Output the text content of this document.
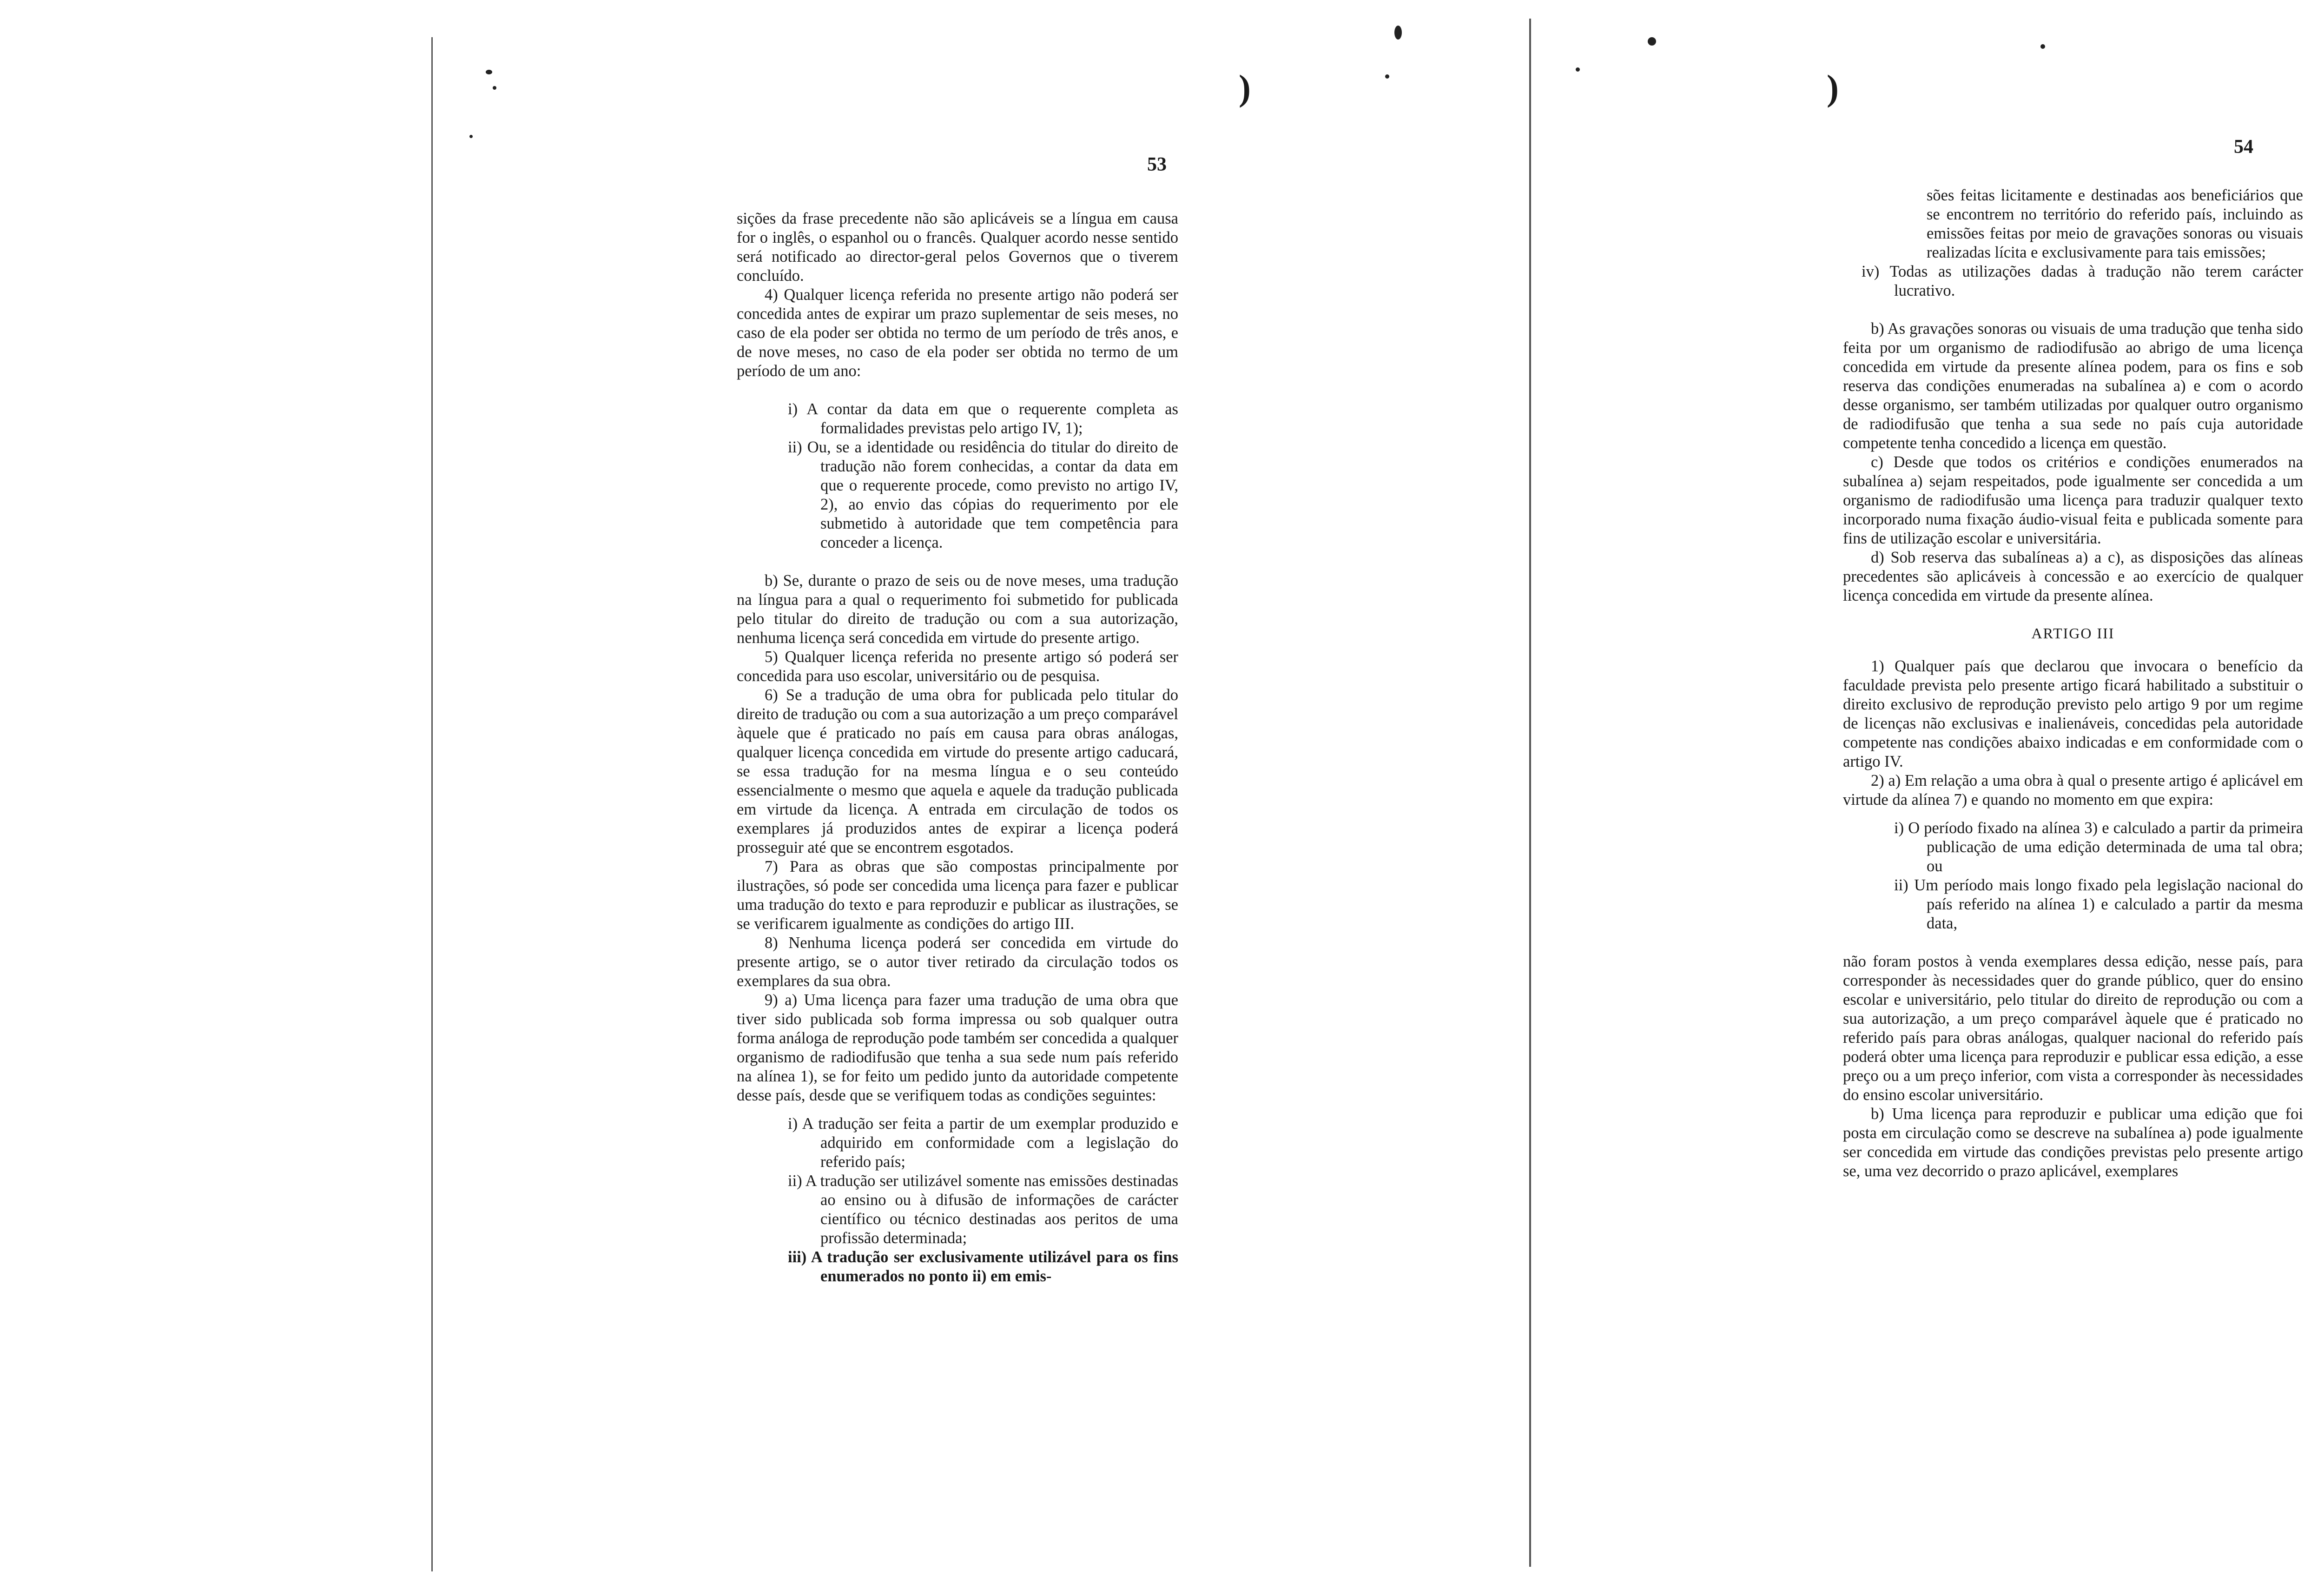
)	)
53
54

sições da frase precedente não são aplicáveis se a língua em causa for o inglês, o espanhol ou o francês. Qualquer acordo nesse sentido será notificado ao director-geral pelos Governos que o tiverem concluído.

4) Qualquer licença referida no presente artigo não poderá ser concedida antes de expirar um prazo suplementar de seis meses, no caso de ela poder ser obtida no termo de um período de três anos, e de nove meses, no caso de ela poder ser obtida no termo de um período de um ano:

i) A contar da data em que o requerente completa as formalidades previstas pelo artigo IV, 1);

ii) Ou, se a identidade ou residência do titular do direito de tradução não forem conhecidas, a contar da data em que o requerente procede, como previsto no artigo IV, 2), ao envio das cópias do requerimento por ele submetido à autoridade que tem competência para conceder a licença.

b) Se, durante o prazo de seis ou de nove meses, uma tradução na língua para a qual o requerimento foi submetido for publicada pelo titular do direito de tradução ou com a sua autorização, nenhuma licença será concedida em virtude do presente artigo.

5) Qualquer licença referida no presente artigo só poderá ser concedida para uso escolar, universitário ou de pesquisa.

6) Se a tradução de uma obra for publicada pelo titular do direito de tradução ou com a sua autorização a um preço comparável àquele que é praticado no país em causa para obras análogas, qualquer licença concedida em virtude do presente artigo caducará, se essa tradução for na mesma língua e o seu conteúdo essencialmente o mesmo que aquela e aquele da tradução publicada em virtude da licença. A entrada em circulação de todos os exemplares já produzidos antes de expirar a licença poderá prosseguir até que se encontrem esgotados.

7) Para as obras que são compostas principalmente por ilustrações, só pode ser concedida uma licença para fazer e publicar uma tradução do texto e para reproduzir e publicar as ilustrações, se se verificarem igualmente as condições do artigo III.

8) Nenhuma licença poderá ser concedida em virtude do presente artigo, se o autor tiver retirado da circulação todos os exemplares da sua obra.

9) a) Uma licença para fazer uma tradução de uma obra que tiver sido publicada sob forma impressa ou sob qualquer outra forma análoga de reprodução pode também ser concedida a qualquer organismo de radiodifusão que tenha a sua sede num país referido na alínea 1), se for feito um pedido junto da autoridade competente desse país, desde que se verifiquem todas as condições seguintes:

i) A tradução ser feita a partir de um exemplar produzido e adquirido em conformidade com a legislação do referido país;

ii) A tradução ser utilizável somente nas emissões destinadas ao ensino ou à difusão de informações de carácter científico ou técnico destinadas aos peritos de uma profissão determinada;

iii) A tradução ser exclusivamente utilizável para os fins enumerados no ponto ii) em emis-

sões feitas licitamente e destinadas aos beneficiários que se encontrem no território do referido país, incluindo as emissões feitas por meio de gravações sonoras ou visuais realizadas lícita e exclusivamente para tais emissões;

iv) Todas as utilizações dadas à tradução não terem carácter lucrativo.

b) As gravações sonoras ou visuais de uma tradução que tenha sido feita por um organismo de radiodifusão ao abrigo de uma licença concedida em virtude da presente alínea podem, para os fins e sob reserva das condições enumeradas na subalínea a) e com o acordo desse organismo, ser também utilizadas por qualquer outro organismo de radiodifusão que tenha a sua sede no país cuja autoridade competente tenha concedido a licença em questão.

c) Desde que todos os critérios e condições enumerados na subalínea a) sejam respeitados, pode igualmente ser concedida a um organismo de radiodifusão uma licença para traduzir qualquer texto incorporado numa fixação áudio-visual feita e publicada somente para fins de utilização escolar e universitária.

d) Sob reserva das subalíneas a) a c), as disposições das alíneas precedentes são aplicáveis à concessão e ao exercício de qualquer licença concedida em virtude da presente alínea.

ARTIGO III

1) Qualquer país que declarou que invocara o benefício da faculdade prevista pelo presente artigo ficará habilitado a substituir o direito exclusivo de reprodução previsto pelo artigo 9 por um regime de licenças não exclusivas e inalienáveis, concedidas pela autoridade competente nas condições abaixo indicadas e em conformidade com o artigo IV.

2) a) Em relação a uma obra à qual o presente artigo é aplicável em virtude da alínea 7) e quando no momento em que expira:

i) O período fixado na alínea 3) e calculado a partir da primeira publicação de uma edição determinada de uma tal obra; ou

ii) Um período mais longo fixado pela legislação nacional do país referido na alínea 1) e calculado a partir da mesma data,

não foram postos à venda exemplares dessa edição, nesse país, para corresponder às necessidades quer do grande público, quer do ensino escolar e universitário, pelo titular do direito de reprodução ou com a sua autorização, a um preço comparável àquele que é praticado no referido país para obras análogas, qualquer nacional do referido país poderá obter uma licença para reproduzir e publicar essa edição, a esse preço ou a um preço inferior, com vista a corresponder às necessidades do ensino escolar universitário.

b) Uma licença para reproduzir e publicar uma edição que foi posta em circulação como se descreve na subalínea a) pode igualmente ser concedida em virtude das condições previstas pelo presente artigo se, uma vez decorrido o prazo aplicável, exemplares
